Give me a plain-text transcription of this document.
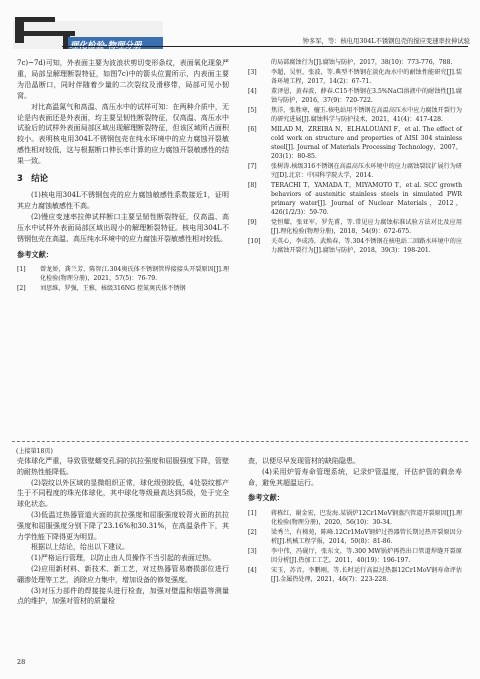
理化检验-物理分册	钟多军，等：核电用304L不锈钢包壳的搅应变速率拉伸试验

7c)~7d)可知，外表面主要为波浪状剪切变形条纹，表面氧化现象严重，局部呈解理断裂特征，如图7c)中的箭头位置所示，内表面主要为沿晶断口，同时伴随着少量的二次裂纹及滑移带，局部可见小韧窝。

对比高温氮气和高温、高压水中的试样可知：在两种介质中，无论是内表面还是外表面，均主要呈韧性断裂特征，仅高温、高压水中试验后的试样外表面局部区域出现解理断裂特征，但该区域所占面积较小。表明核电用304L不锈钢包壳在纯水环境中的应力腐蚀开裂敏感性相对较低，这与根据断口伸长率计算的应力腐蚀开裂敏感性的结果一致。

3　结论

(1)核电用304L不锈钢包壳的应力腐蚀敏感性系数接近1，证明其应力腐蚀敏感性不高。

(2)慢应变速率拉伸试样断口主要呈韧性断裂特征，仅高温、高压水中试样外表面局部区域出现小的解理断裂特征。核电用304L不锈钢包壳在高温、高压纯水环境中的应力腐蚀开裂敏感性相对较低。

参考文献：
[1] 曾龙娇，龚兰芳，陈智江.304奥氏体不锈钢管焊接接头开裂原因[J].理化检验(物理分册)，2021，57(5)：76-79.
[2] 刘思维，罗强，王雅，核级316NG 控氮奥氏体不锈钢
的局部腐蚀行为[J].腐蚀与防护，2017，38(10)：773-776，788.
[3] 李超，吴恒，张波，等.典型不锈钢在淡化海水中的耐蚀性能研究[J].装备环境工程，2017，14(2)：67-71.
[4] 董泽恩，黄春波，薛春.C15不锈钢在3.5%NaCl溶液中的耐蚀性[J].腐蚀与防护，2016，37(9)：720-722.
[5] 焦洋，张胜寒，檀玉.核电站用不锈钢在高温高压水中应力腐蚀开裂行为的研究进展[J].腐蚀科学与防护技术，2021，41(4)：417-428.
[6] MILAD M，ZREIBA N，ELHALOUANI F，et al. The effect of cold work on structure and properties of AISI 304 stainless steel[J]. Journal of Materials Processing Technology，2007，203(1)：80-85.
[7] 张树涛.核级316不锈钢在高温高压水环境中的应力腐蚀裂纹扩展行为研究[D].北京：中国科学院大学，2014.
[8] TERACHI T，YAMADA T，MIYAMOTO T，et al. SCC growth behaviors of austenitic stainless steels in simulated PWR primary water[J]. Journal of Nuclear Materials，2012，426(1/2/3)：59-70.
[9] 党恒耀，张亚军，罗先甫，等.常见应力腐蚀标准试验方法对比及应用[J].理化检验(物理分册)，2018，54(9)：672-675.
[10] 关英心，李成涛，武焕春，等.304不锈钢在核电站二回路水环境中的应力腐蚀开裂行为[J].腐蚀与防护，2018，39(3)：198-201.
(上接第18页)

壳体球化严重，导致管壁蠕变孔洞的抗拉强度和屈服强度下降，管壁的耐热性能降低。

(2)裂纹以外区域的显微组织正常，球化级别较低，4处裂纹都产生于不同程度的珠光体球化，其中球化等级最高达到5级，处于完全球化状态。

(3)低温过热器管道火面的抗拉强度和屈服强度较背火面的抗拉强度和屈服强度分别下降了23.16%和30.31%，在高温条件下，其力学性能下降得更为明显。

根据以上结论，给出以下建议。

(1)严格运行管理，以防止由人员操作不当引起的表面过热。

(2)应用新材料、新技术、新工艺，对过热器管易磨损部位进行硼渗处理等工艺，消除应力集中，增加设备的修复强度。

(3)对压力部件的焊接接头进行检查，加强对壁温和烟温等测量点的维护，加强对管材的质量检

查，以便尽早发现管材的缺陷隐患。

(4)采用炉管寿命管理系统，记录炉管温度，评估炉管的剩余寿命，避免其超温运行。

参考文献：
[1] 蒋栋红，谢金宏，巴发海.某锅炉12Cr1MoV钢蒸汽管道开裂原因[J].理化检验(物理分册)，2020，56(10)：30-34.
[2] 梁秀兰，有梯苑，陈峰.12Cr1MoV钢炉过热器管长期过热开裂原因分析[J].机械工程学报，2014，50(8)：81-86.
[3] 李中伟，冯砚厅，张东文，等.300 MW锅炉再热出口管道焊缝开裂原因分析[J].热加工工艺，2011，40(19)：196-197.
[4] 宋玉，苏音，李鹏刚，等.长时运行高温过热器12Cr1MoV钢寿命评估[J].金属热处理，2021，46(7)：223-228.
28
